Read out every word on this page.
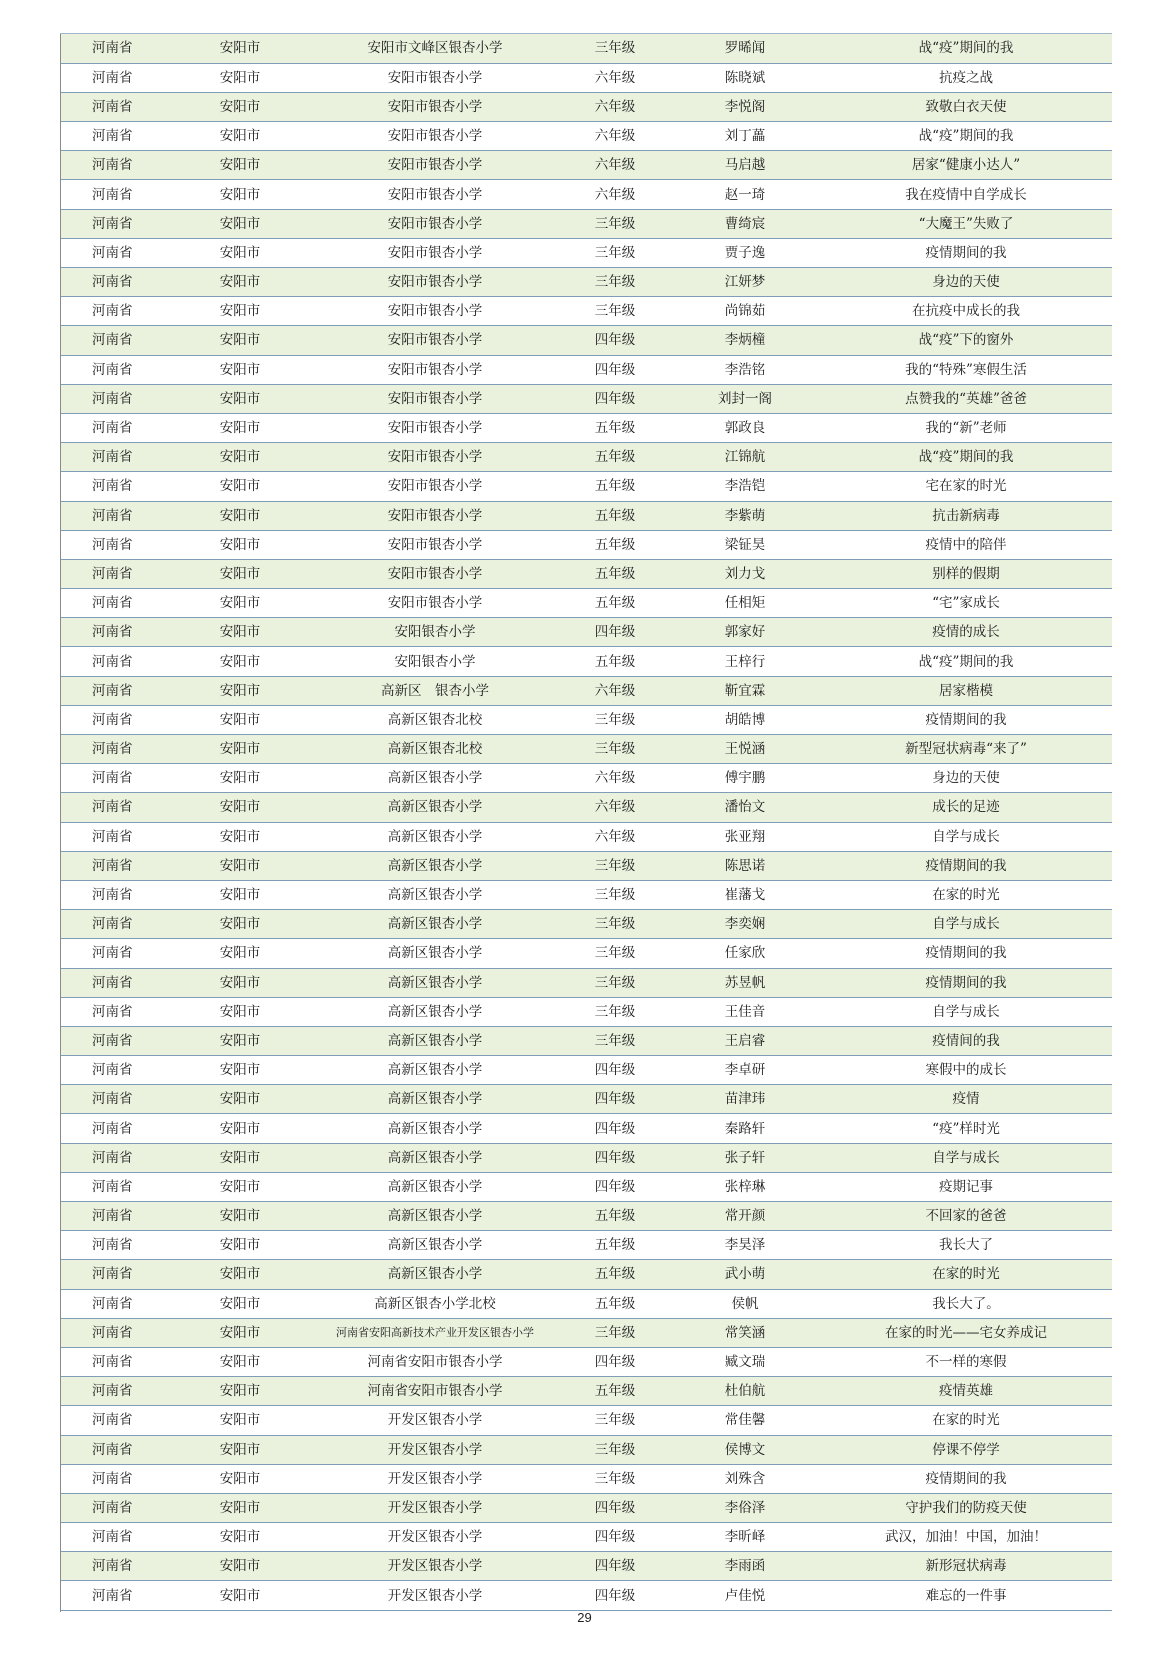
河南省	安阳市	安阳市文峰区银杏小学	三年级	罗晞闻	战“疫”期间的我
河南省	安阳市	安阳市银杏小学	六年级	陈晓斌	抗疫之战
河南省	安阳市	安阳市银杏小学	六年级	李悦阁	致敬白衣天使
河南省	安阳市	安阳市银杏小学	六年级	刘丁藟	战“疫”期间的我
河南省	安阳市	安阳市银杏小学	六年级	马启越	居家“健康小达人”
河南省	安阳市	安阳市银杏小学	六年级	赵一琦	我在疫情中自学成长
河南省	安阳市	安阳市银杏小学	三年级	曹绮宸	“大魔王”失败了
河南省	安阳市	安阳市银杏小学	三年级	贾子逸	疫情期间的我
河南省	安阳市	安阳市银杏小学	三年级	江妍梦	身边的天使
河南省	安阳市	安阳市银杏小学	三年级	尚锦茹	在抗疫中成长的我
河南省	安阳市	安阳市银杏小学	四年级	李炳橦	战“疫”下的窗外
河南省	安阳市	安阳市银杏小学	四年级	李浩铭	我的“特殊”寒假生活
河南省	安阳市	安阳市银杏小学	四年级	刘封一阁	点赞我的“英雄”爸爸
河南省	安阳市	安阳市银杏小学	五年级	郭政良	我的“新”老师
河南省	安阳市	安阳市银杏小学	五年级	江锦航	战“疫”期间的我
河南省	安阳市	安阳市银杏小学	五年级	李浩铠	宅在家的时光
河南省	安阳市	安阳市银杏小学	五年级	李紫萌	抗击新病毒
河南省	安阳市	安阳市银杏小学	五年级	梁钲昊	疫情中的陪伴
河南省	安阳市	安阳市银杏小学	五年级	刘力戈	别样的假期
河南省	安阳市	安阳市银杏小学	五年级	任相矩	“宅”家成长
河南省	安阳市	安阳银杏小学	四年级	郭家好	疫情的成长
河南省	安阳市	安阳银杏小学	五年级	王梓行	战“疫”期间的我
河南省	安阳市	高新区　银杏小学	六年级	靳宜霖	居家楷模
河南省	安阳市	高新区银杏北校	三年级	胡皓博	疫情期间的我
河南省	安阳市	高新区银杏北校	三年级	王悦涵	新型冠状病毒“来了”
河南省	安阳市	高新区银杏小学	六年级	傅宇鹏	身边的天使
河南省	安阳市	高新区银杏小学	六年级	潘怡文	成长的足迹
河南省	安阳市	高新区银杏小学	六年级	张亚翔	自学与成长
河南省	安阳市	高新区银杏小学	三年级	陈思诺	疫情期间的我
河南省	安阳市	高新区银杏小学	三年级	崔藩戈	在家的时光
河南省	安阳市	高新区银杏小学	三年级	李奕娴	自学与成长
河南省	安阳市	高新区银杏小学	三年级	任家欣	疫情期间的我
河南省	安阳市	高新区银杏小学	三年级	苏昱帆	疫情期间的我
河南省	安阳市	高新区银杏小学	三年级	王佳音	自学与成长
河南省	安阳市	高新区银杏小学	三年级	王启睿	疫情间的我
河南省	安阳市	高新区银杏小学	四年级	李卓研	寒假中的成长
河南省	安阳市	高新区银杏小学	四年级	苗津玮	疫情
河南省	安阳市	高新区银杏小学	四年级	秦路轩	“疫”样时光
河南省	安阳市	高新区银杏小学	四年级	张子轩	自学与成长
河南省	安阳市	高新区银杏小学	四年级	张梓琳	疫期记事
河南省	安阳市	高新区银杏小学	五年级	常开颜	不回家的爸爸
河南省	安阳市	高新区银杏小学	五年级	李昊泽	我长大了
河南省	安阳市	高新区银杏小学	五年级	武小萌	在家的时光
河南省	安阳市	高新区银杏小学北校	五年级	侯帆	我长大了。
河南省	安阳市	河南省安阳高新技术产业开发区银杏小学	三年级	常笑涵	在家的时光——宅女养成记
河南省	安阳市	河南省安阳市银杏小学	四年级	臧文瑞	不一样的寒假
河南省	安阳市	河南省安阳市银杏小学	五年级	杜伯航	疫情英雄
河南省	安阳市	开发区银杏小学	三年级	常佳馨	在家的时光
河南省	安阳市	开发区银杏小学	三年级	侯博文	停课不停学
河南省	安阳市	开发区银杏小学	三年级	刘殊含	疫情期间的我
河南省	安阳市	开发区银杏小学	四年级	李俗泽	守护我们的防疫天使
河南省	安阳市	开发区银杏小学	四年级	李昕峄	武汉，加油！中国，加油！
河南省	安阳市	开发区银杏小学	四年级	李雨函	新形冠状病毒
河南省	安阳市	开发区银杏小学	四年级	卢佳悦	难忘的一件事
29
